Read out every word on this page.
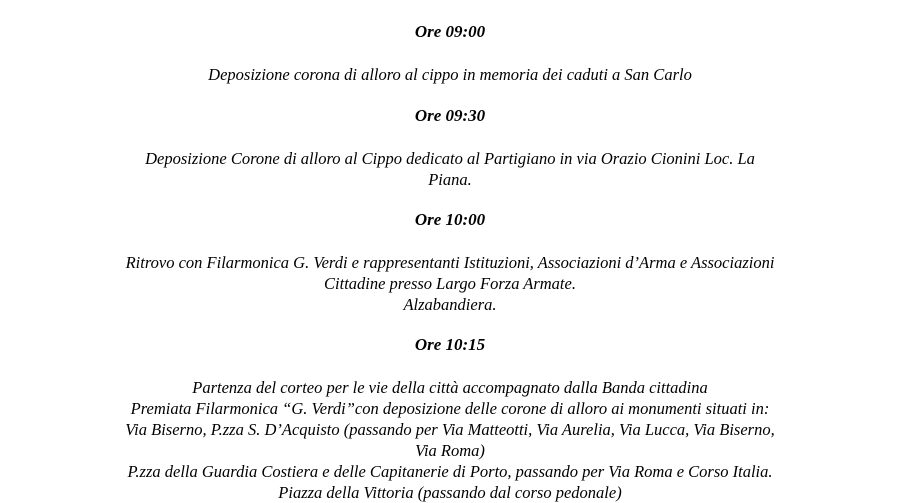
Ore 09:00

Deposizione corona di alloro al cippo in memoria dei caduti a San Carlo

Ore 09:30

Deposizione Corone di alloro al Cippo dedicato al Partigiano in via Orazio Cionini Loc. La
Piana.

Ore 10:00

Ritrovo con Filarmonica G. Verdi e rappresentanti Istituzioni, Associazioni d’Arma e Associazioni
Cittadine presso Largo Forza Armate.
Alzabandiera.

Ore 10:15

Partenza del corteo per le vie della città accompagnato dalla Banda cittadina
Premiata Filarmonica “G. Verdi”con deposizione delle corone di alloro ai monumenti situati in:
Via Biserno, P.zza S. D’Acquisto (passando per Via Matteotti, Via Aurelia, Via Lucca, Via Biserno,
Via Roma)
P.zza della Guardia Costiera e delle Capitanerie di Porto, passando per Via Roma e Corso Italia.
Piazza della Vittoria (passando dal corso pedonale)
